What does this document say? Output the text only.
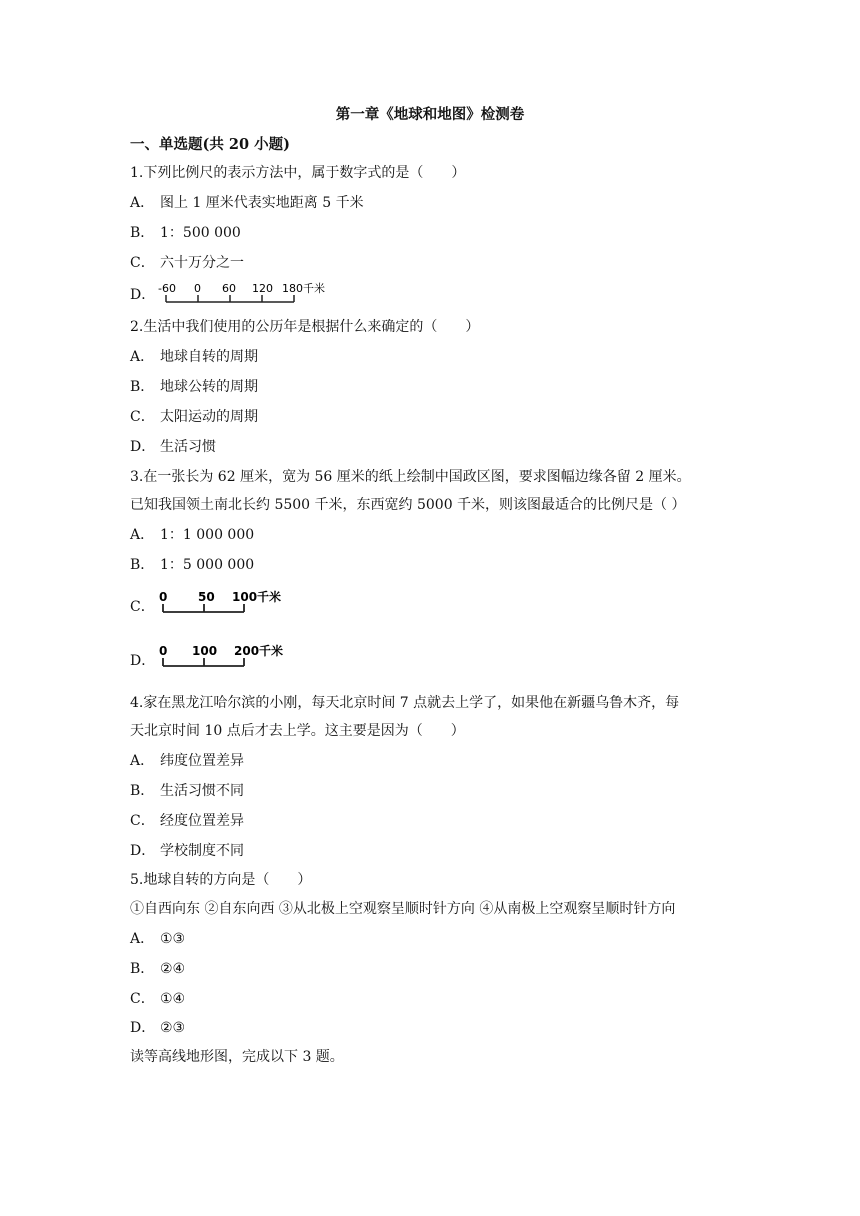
第一章《地球和地图》检测卷
一、单选题(共 20 小题)
1.下列比例尺的表示方法中，属于数字式的是（　　）
A． 图上 1 厘米代表实地距离 5 千米
B． 1：500 000
C． 六十万分之一
D． -60 0 60 120 180千米
2.生活中我们使用的公历年是根据什么来确定的（　　）
A． 地球自转的周期
B． 地球公转的周期
C． 太阳运动的周期
D． 生活习惯
3.在一张长为 62 厘米，宽为 56 厘米的纸上绘制中国政区图，要求图幅边缘各留 2 厘米。
已知我国领土南北长约 5500 千米，东西宽约 5000 千米，则该图最适合的比例尺是（ ）
A． 1：1 000 000
B． 1：5 000 000
C．
0	50 100千米
D．
0 100 200千米
4.家在黑龙江哈尔滨的小刚，每天北京时间 7 点就去上学了，如果他在新疆乌鲁木齐，每
天北京时间 10 点后才去上学。这主要是因为（　　）
A． 纬度位置差异
B． 生活习惯不同
C． 经度位置差异
D． 学校制度不同
5.地球自转的方向是（　　）
①自西向东 ②自东向西 ③从北极上空观察呈顺时针方向 ④从南极上空观察呈顺时针方向
A． ①③
B． ②④
C． ①④
D． ②③
读等高线地形图，完成以下 3 题。
